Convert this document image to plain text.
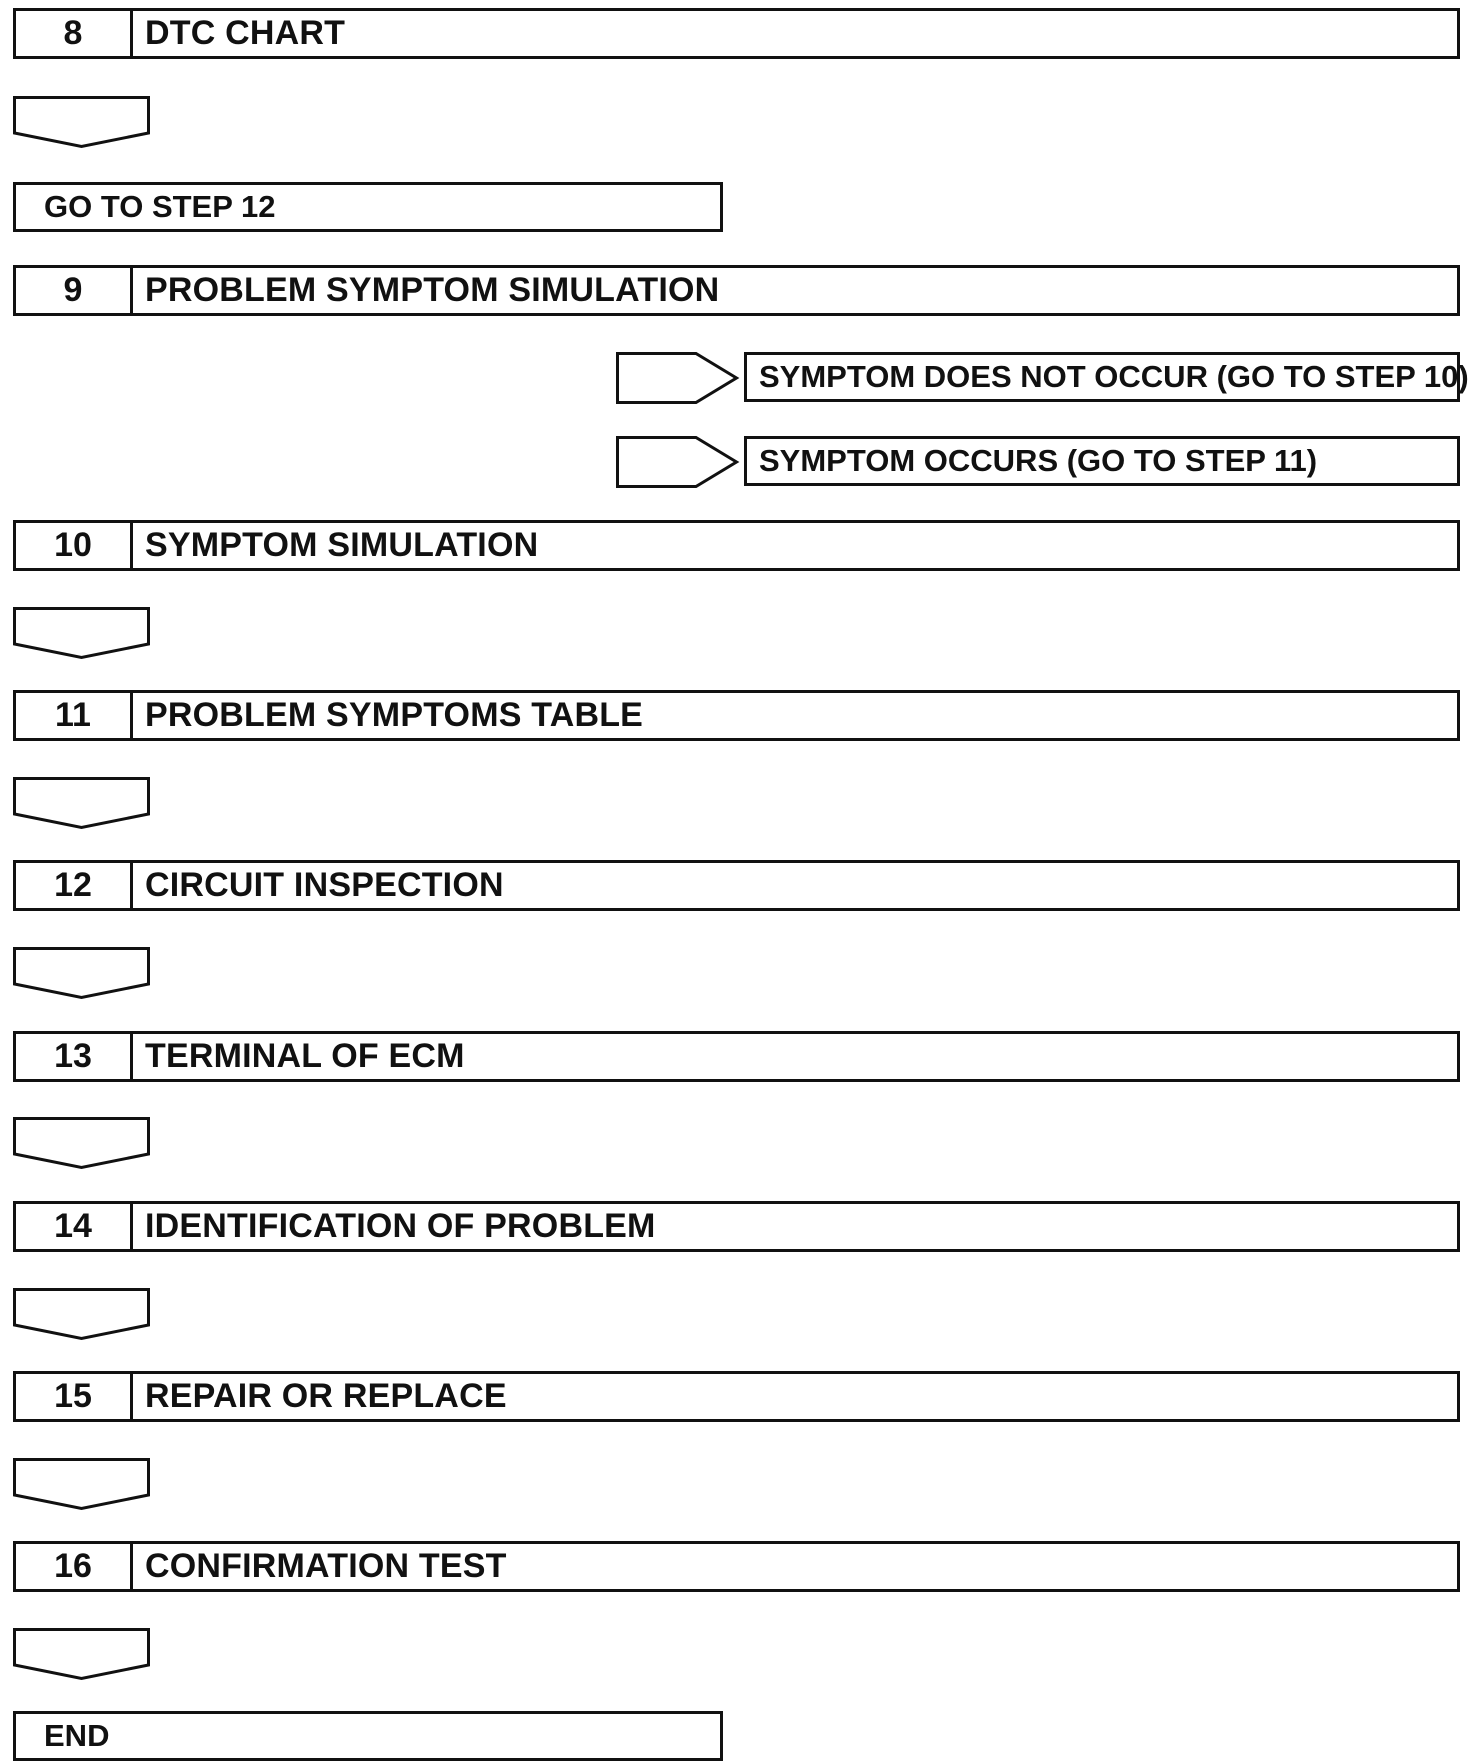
8	DTC CHART
GO TO STEP 12
9	PROBLEM SYMPTOM SIMULATION
SYMPTOM DOES NOT OCCUR (GO TO STEP 10)
SYMPTOM OCCURS (GO TO STEP 11)
10	SYMPTOM SIMULATION
11	PROBLEM SYMPTOMS TABLE
12	CIRCUIT INSPECTION
13	TERMINAL OF ECM
14	IDENTIFICATION OF PROBLEM
15	REPAIR OR REPLACE
16	CONFIRMATION TEST
END
